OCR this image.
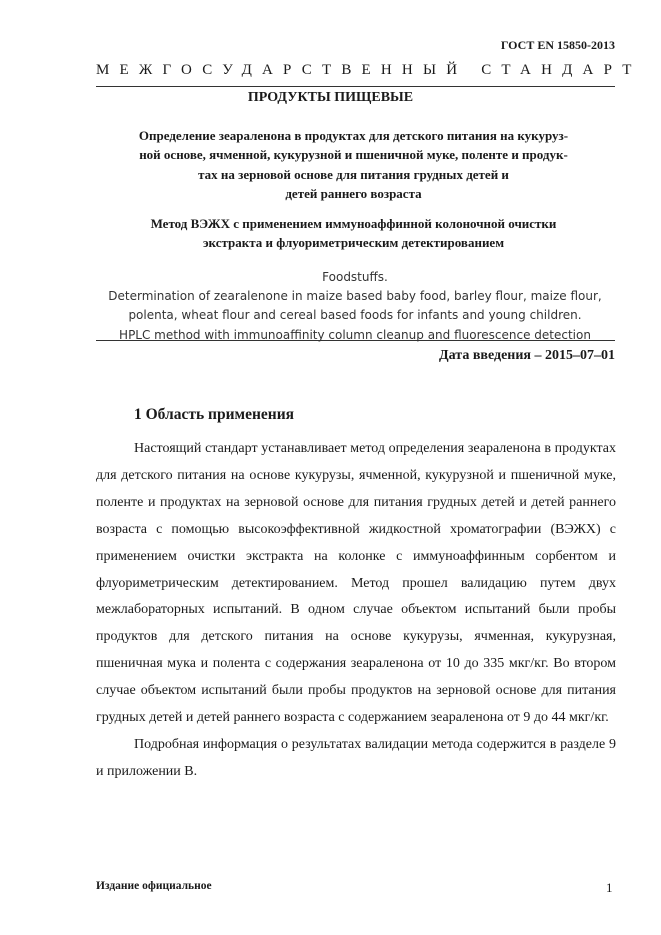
ГОСТ EN 15850-2013
МЕЖГОСУДАРСТВЕННЫЙ СТАНДАРТ
ПРОДУКТЫ ПИЩЕВЫЕ
Определение зеараленона в продуктах для детского питания на кукуруз-
ной основе, ячменной, кукурузной и пшеничной муке, поленте и продук-
тах на зерновой основе для питания грудных детей и
детей раннего возраста
Метод ВЭЖХ с применением иммуноаффинной колоночной очистки
экстракта и флуориметрическим детектированием
Foodstuffs.
Determination of zearalenone in maize based baby food, barley flour, maize flour,
polenta, wheat flour and cereal based foods for infants and young children.
HPLC method with immunoaffinity column cleanup and fluorescence detection
Дата введения – 2015–07–01
1 Область применения

Настоящий стандарт устанавливает метод определения зеараленона в продуктах для детского питания на основе кукурузы, ячменной, кукурузной и пшеничной муке, поленте и продуктах на зерновой основе для питания грудных детей и детей раннего возраста с помощью высокоэффективной жидкостной хроматографии (ВЭЖХ) с применением очистки экстракта на колонке с иммуноаффинным сорбентом и флуориметрическим детектированием. Метод прошел валидацию путем двух межлабораторных испытаний. В одном случае объектом испытаний были пробы продуктов для детского питания на основе кукурузы, ячменная, кукурузная, пшеничная мука и полента с содержания зеараленона от 10 до 335 мкг/кг. Во втором случае объектом испытаний были пробы продуктов на зерновой основе для питания грудных детей и детей раннего возраста с содержанием зеараленона от 9 до 44 мкг/кг.

Подробная информация о результатах валидации метода содержится в разделе 9 и приложении B.

Издание официальное	1
